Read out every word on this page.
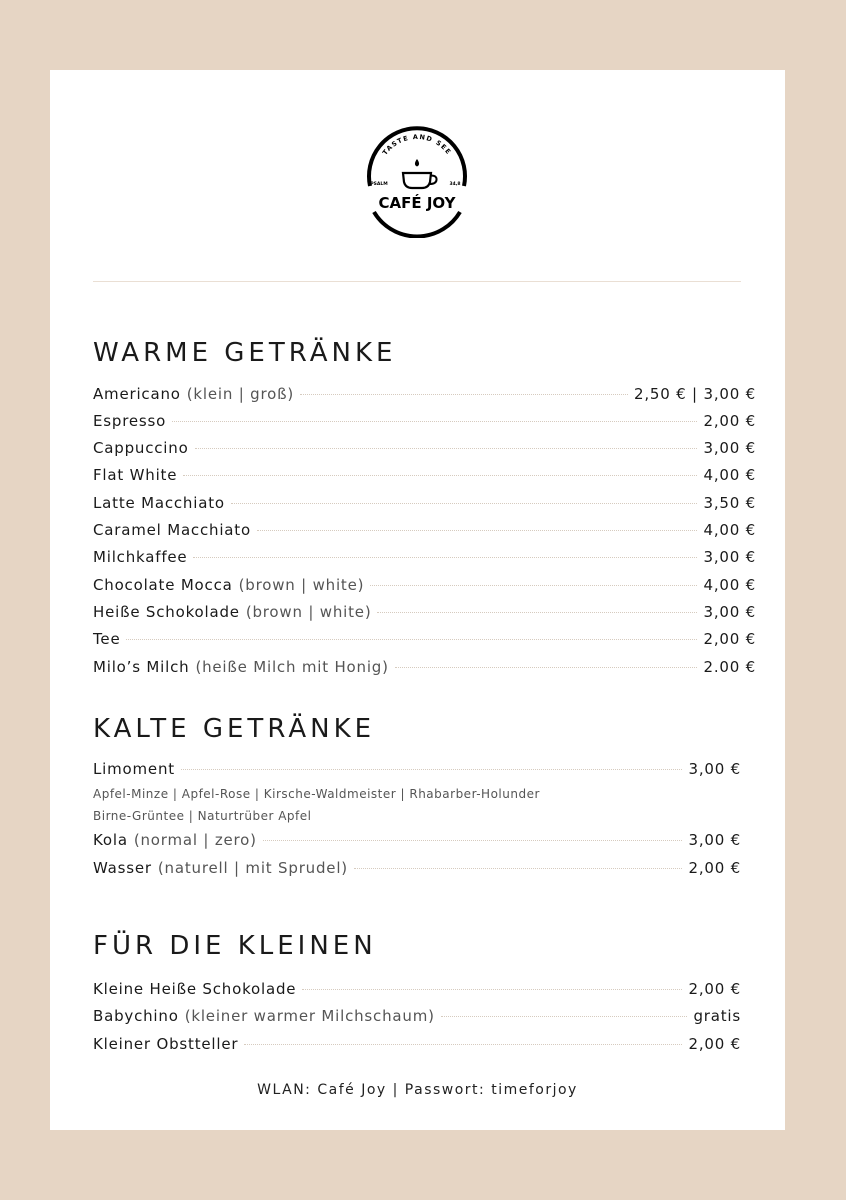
TASTE AND SEE
PSALM	34,8
CAFÉ JOY
WARME GETRÄNKE
Americano (klein | groß)	2,50 € | 3,00 €
Espresso	2,00 €
Cappuccino	3,00 €
Flat White	4,00 €
Latte Macchiato	3,50 €
Caramel Macchiato	4,00 €
Milchkaffee	3,00 €
Chocolate Mocca (brown | white)	4,00 €
Heiße Schokolade (brown | white)	3,00 €
Tee	2,00 €
Milo’s Milch (heiße Milch mit Honig)	2.00 €
KALTE GETRÄNKE
Limoment	3,00 €
Apfel-Minze | Apfel-Rose | Kirsche-Waldmeister | Rhabarber-Holunder
Birne-Grüntee | Naturtrüber Apfel
Kola (normal | zero)	3,00 €
Wasser (naturell | mit Sprudel)	2,00 €
FÜR DIE KLEINEN
Kleine Heiße Schokolade	2,00 €
Babychino (kleiner warmer Milchschaum)	gratis
Kleiner Obstteller	2,00 €
WLAN: Café Joy | Passwort: timeforjoy
